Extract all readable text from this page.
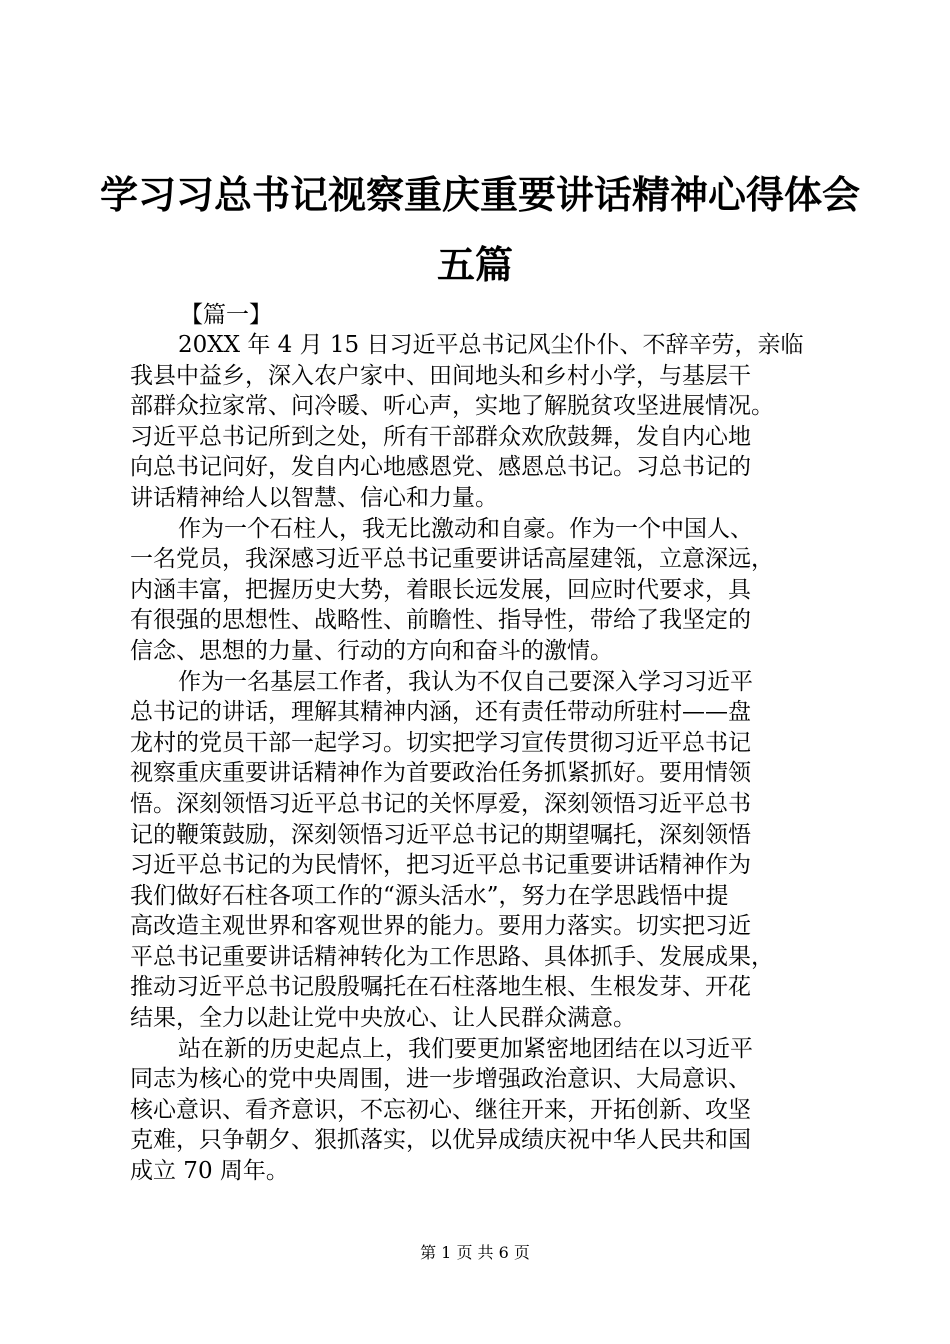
学习习总书记视察重庆重要讲话精神心得体会
五篇
【篇一】
20XX 年 4 月 15 日习近平总书记风尘仆仆、不辞辛劳，亲临
我县中益乡，深入农户家中、田间地头和乡村小学，与基层干
部群众拉家常、问冷暖、听心声，实地了解脱贫攻坚进展情况。
习近平总书记所到之处，所有干部群众欢欣鼓舞，发自内心地
向总书记问好，发自内心地感恩党、感恩总书记。习总书记的
讲话精神给人以智慧、信心和力量。
作为一个石柱人，我无比激动和自豪。作为一个中国人、
一名党员，我深感习近平总书记重要讲话高屋建瓴，立意深远，
内涵丰富，把握历史大势，着眼长远发展，回应时代要求，具
有很强的思想性、战略性、前瞻性、指导性，带给了我坚定的
信念、思想的力量、行动的方向和奋斗的激情。
作为一名基层工作者，我认为不仅自己要深入学习习近平
总书记的讲话，理解其精神内涵，还有责任带动所驻村——盘
龙村的党员干部一起学习。切实把学习宣传贯彻习近平总书记
视察重庆重要讲话精神作为首要政治任务抓紧抓好。要用情领
悟。深刻领悟习近平总书记的关怀厚爱，深刻领悟习近平总书
记的鞭策鼓励，深刻领悟习近平总书记的期望嘱托，深刻领悟
习近平总书记的为民情怀，把习近平总书记重要讲话精神作为
我们做好石柱各项工作的“源头活水”，努力在学思践悟中提
高改造主观世界和客观世界的能力。要用力落实。切实把习近
平总书记重要讲话精神转化为工作思路、具体抓手、发展成果，
推动习近平总书记殷殷嘱托在石柱落地生根、生根发芽、开花
结果，全力以赴让党中央放心、让人民群众满意。
站在新的历史起点上，我们要更加紧密地团结在以习近平
同志为核心的党中央周围，进一步增强政治意识、大局意识、
核心意识、看齐意识，不忘初心、继往开来，开拓创新、攻坚
克难，只争朝夕、狠抓落实，以优异成绩庆祝中华人民共和国
成立 70 周年。
第 1 页 共 6 页
